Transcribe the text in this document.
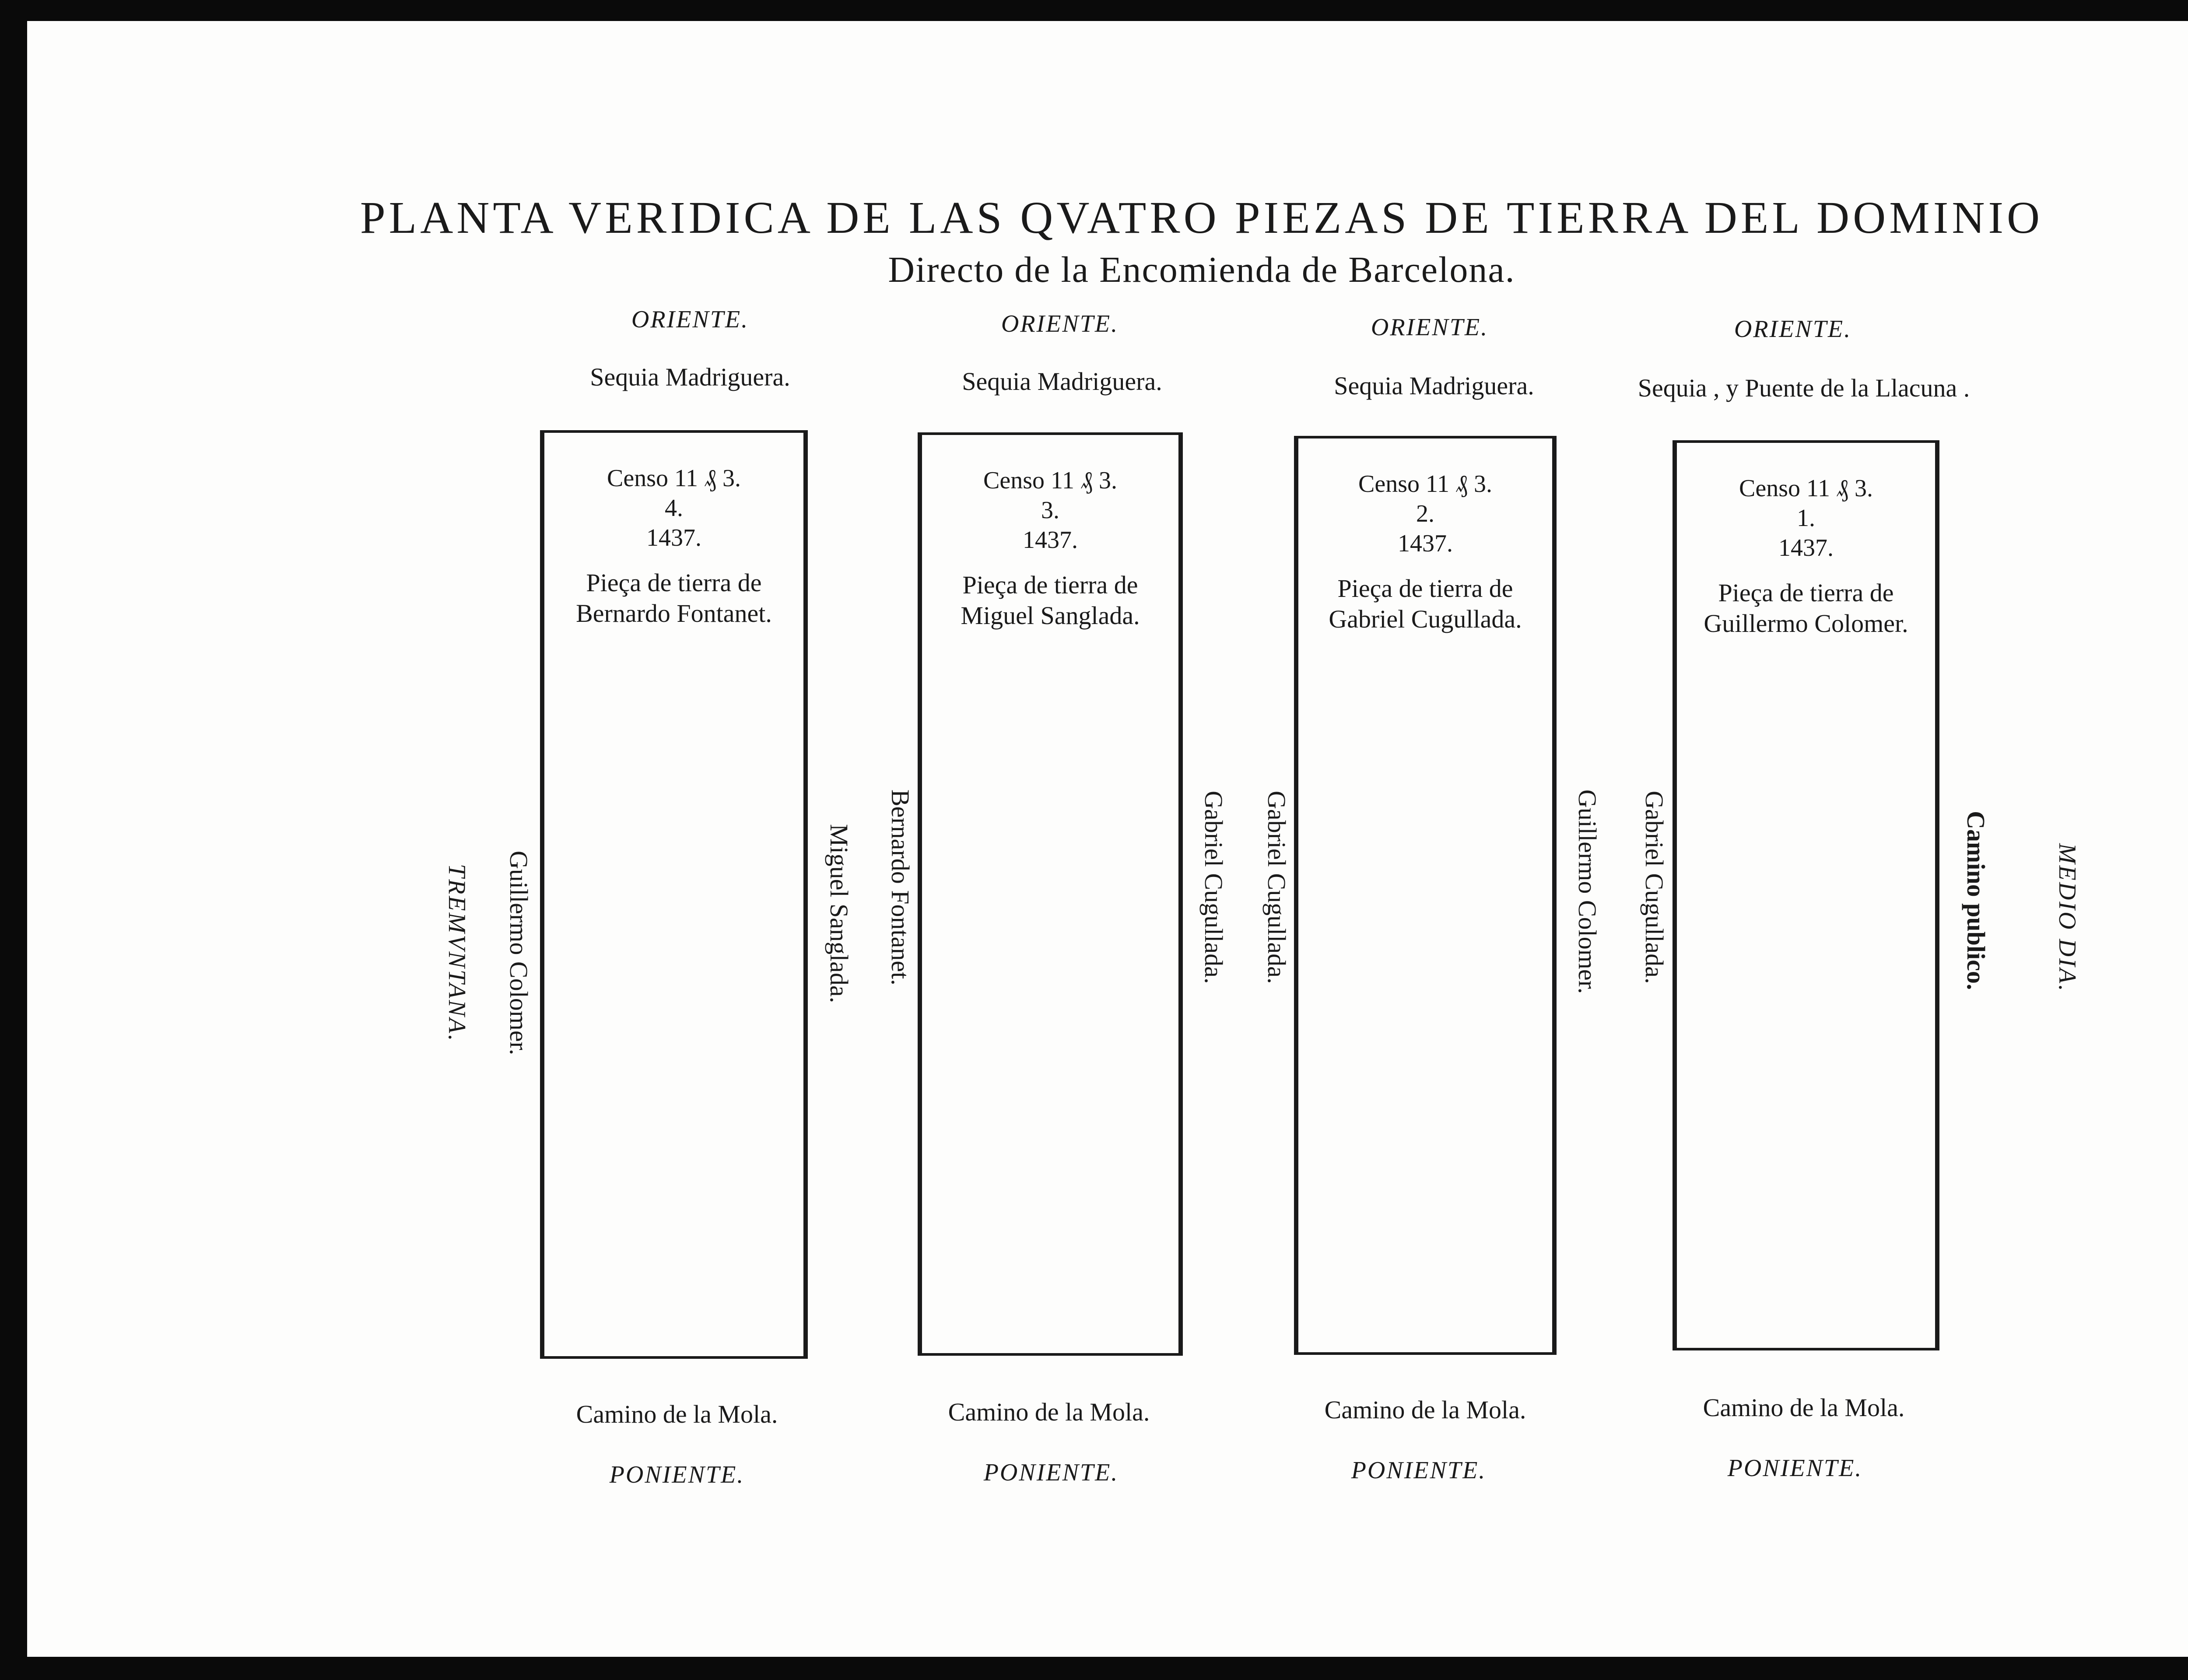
PLANTA VERIDICA DE LAS QVATRO PIEZAS DE TIERRA DEL DOMINIO
Directo de la Encomienda de Barcelona.
TREMVNTANA.	MEDIO DIA.
ORIENTE.
Sequia Madriguera.
Censo 11 ₰ 3.
4.
1437.
Pieça de tierra de
Bernardo Fontanet.
Guillermo Colomer.	Miguel Sanglada.
Camino de la Mola.
PONIENTE.
ORIENTE.
Sequia Madriguera.
Censo 11 ₰ 3.
3.
1437.
Pieça de tierra de
Miguel Sanglada.
Bernardo Fontanet.	Gabriel Cugullada.
Camino de la Mola.
PONIENTE.
ORIENTE.
Sequia Madriguera.
Censo 11 ₰ 3.
2.
1437.
Pieça de tierra de
Gabriel Cugullada.
Gabriel Cugullada.	Guillermo Colomer.
Camino de la Mola.
PONIENTE.
ORIENTE.
Sequia , y Puente de la Llacuna .
Censo 11 ₰ 3.
1.
1437.
Pieça de tierra de
Guillermo Colomer.
Gabriel Cugullada.	Camino publico.
Camino de la Mola.
PONIENTE.
